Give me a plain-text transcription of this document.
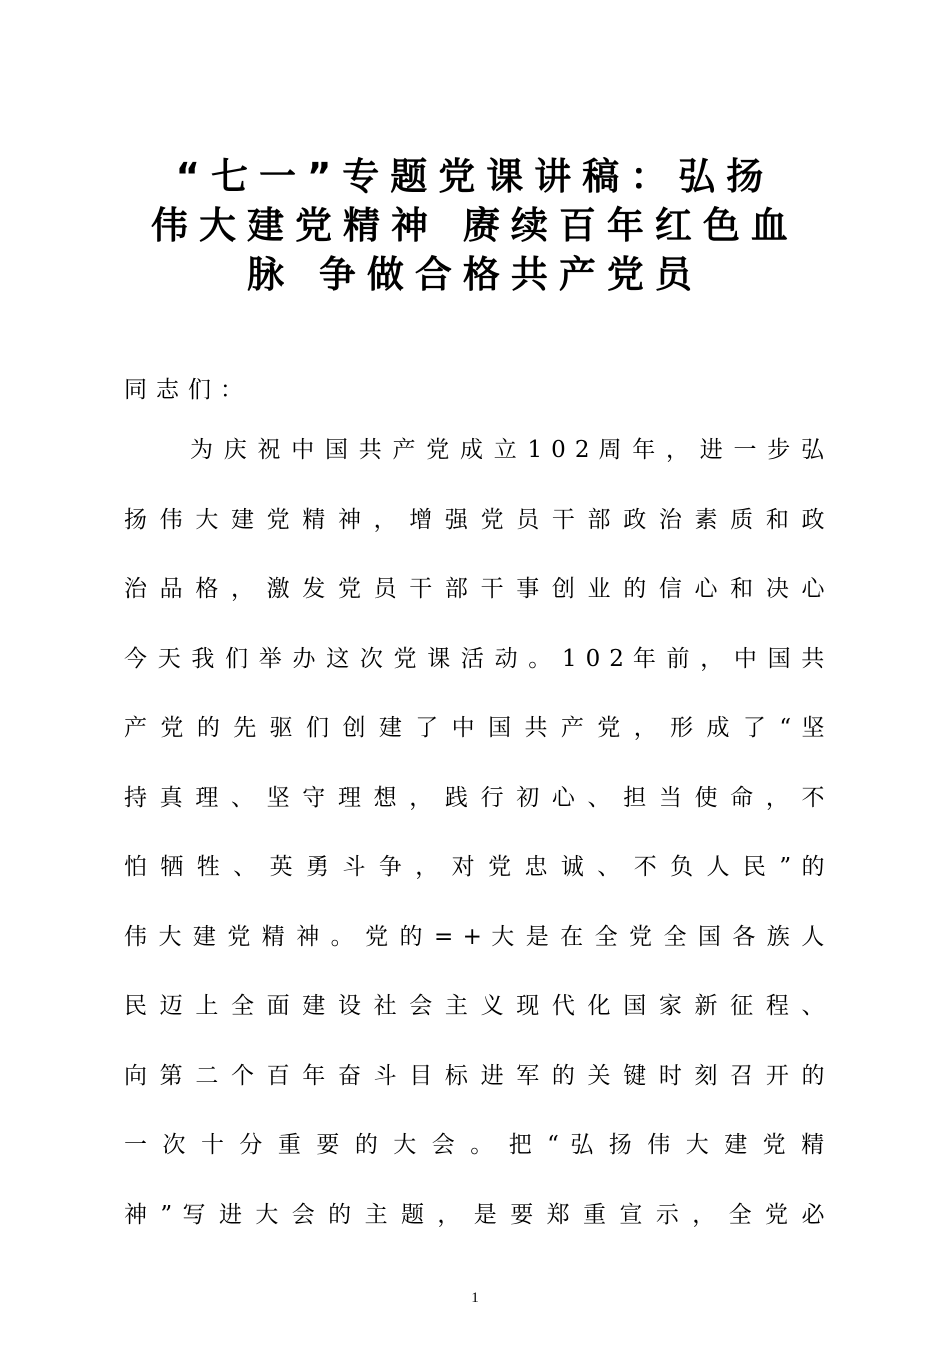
“七一”专题党课讲稿：弘扬
伟大建党精神 赓续百年红色血
脉 争做合格共产党员
同志们：
为 庆 祝 中 国 共 产 党 成 立 1 0 2 周 年 ， 进 一 步 弘
扬 伟 大 建 党 精 神 ， 增 强 党 员 干 部 政 治 素 质 和 政
治 品 格 ， 激 发 党 员 干 部 干 事 创 业 的 信 心 和 决 心
今 天 我 们 举 办 这 次 党 课 活 动 。 1 0 2 年 前 ， 中 国 共
产 党 的 先 驱 们 创 建 了 中 国 共 产 党 ， 形 成 了 “ 坚
持 真 理 、 坚 守 理 想 ， 践 行 初 心 、 担 当 使 命 ， 不
怕 牺 牲 、 英 勇 斗 争 ， 对 党 忠 诚 、 不 负 人 民 ” 的
伟 大 建 党 精 神 。 党 的 = + 大 是 在 全 党 全 国 各 族 人
民 迈 上 全 面 建 设 社 会 主 义 现 代 化 国 家 新 征 程 、
向 第 二 个 百 年 奋 斗 目 标 进 军 的 关 键 时 刻 召 开 的
一 次 十 分 重 要 的 大 会 。 把 “ 弘 扬 伟 大 建 党 精
神 ” 写 进 大 会 的 主 题 ， 是 要 郑 重 宣 示 ， 全 党 必
1
